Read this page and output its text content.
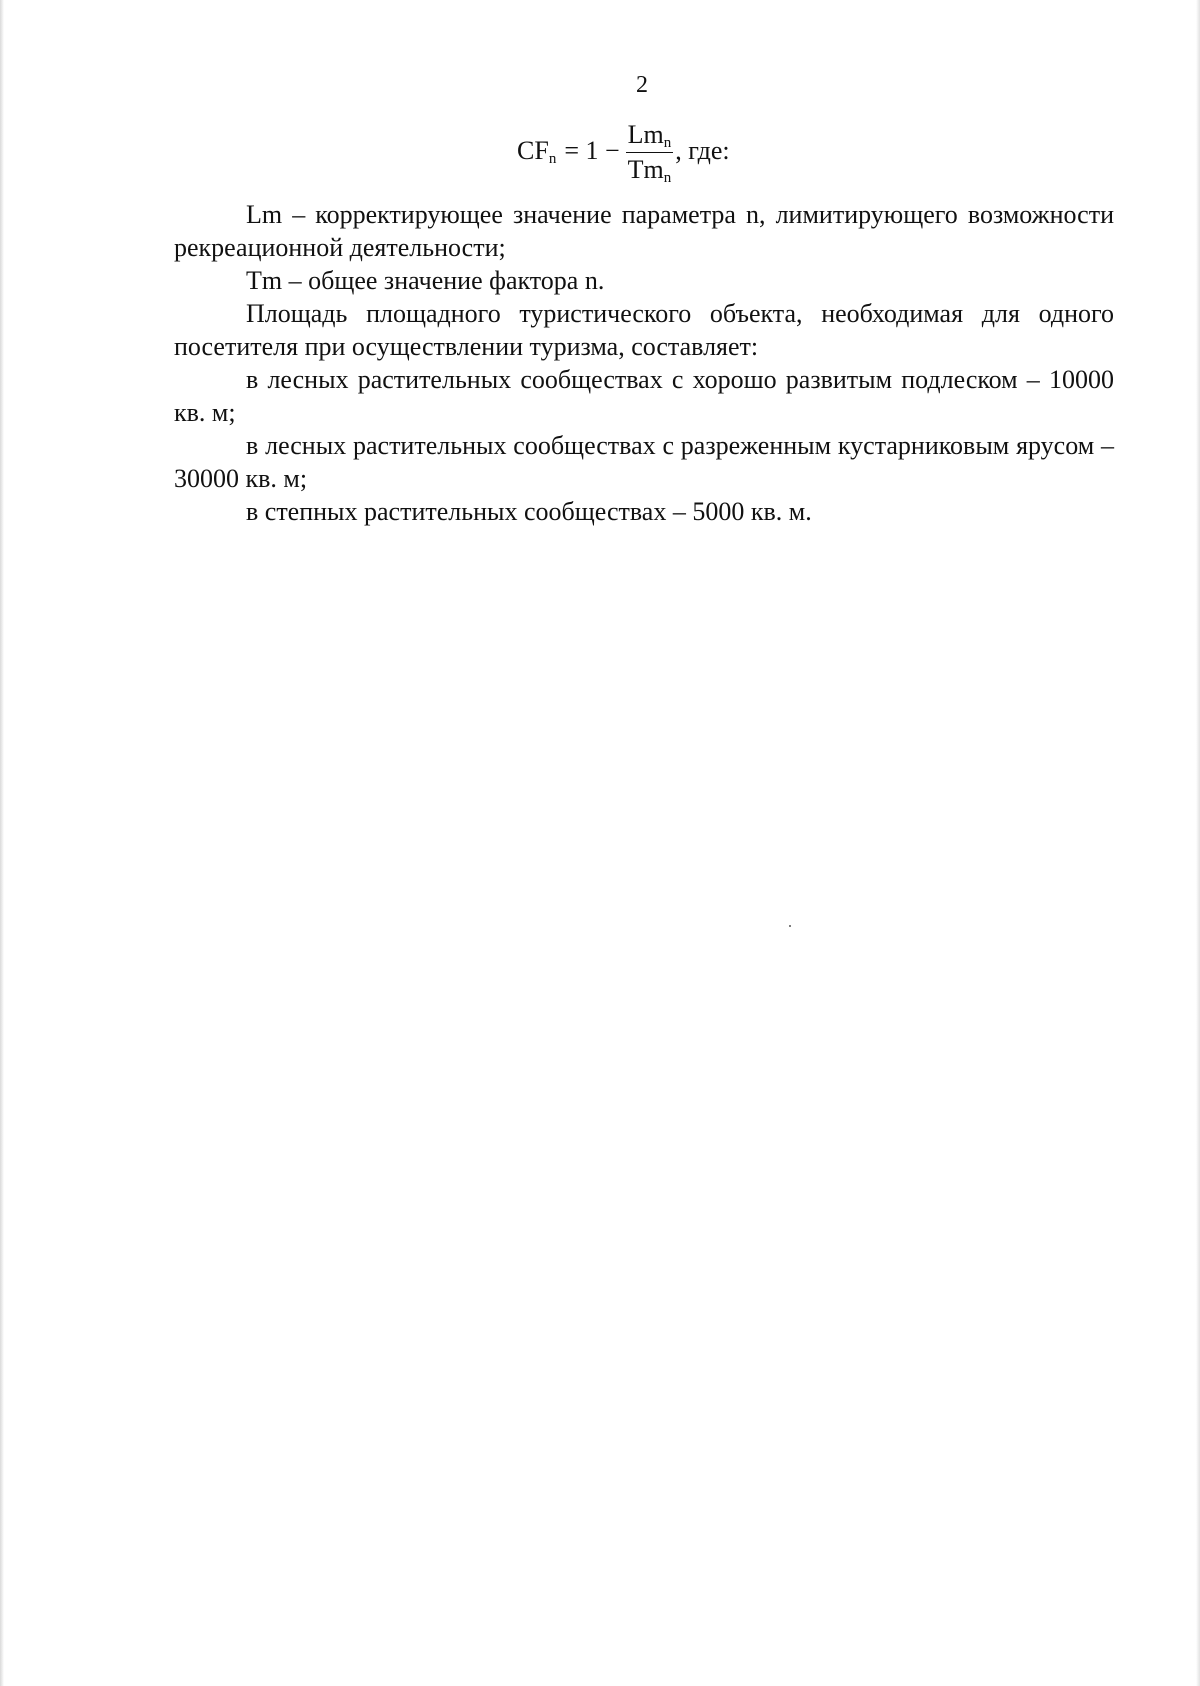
2
$CF_n = 1 - \frac{Lm_n}{Tm_n}$ , где:

Lm – корректирующее значение параметра n, лимитирующего возможности рекреационной деятельности;

Tm – общее значение фактора n.

Площадь площадного туристического объекта, необходимая для одного посетителя при осуществлении туризма, составляет:

в лесных растительных сообществах с хорошо развитым подлеском – 10000 кв. м;

в лесных растительных сообществах с разреженным кустарниковым ярусом – 30000 кв. м;

в степных растительных сообществах – 5000 кв. м.
